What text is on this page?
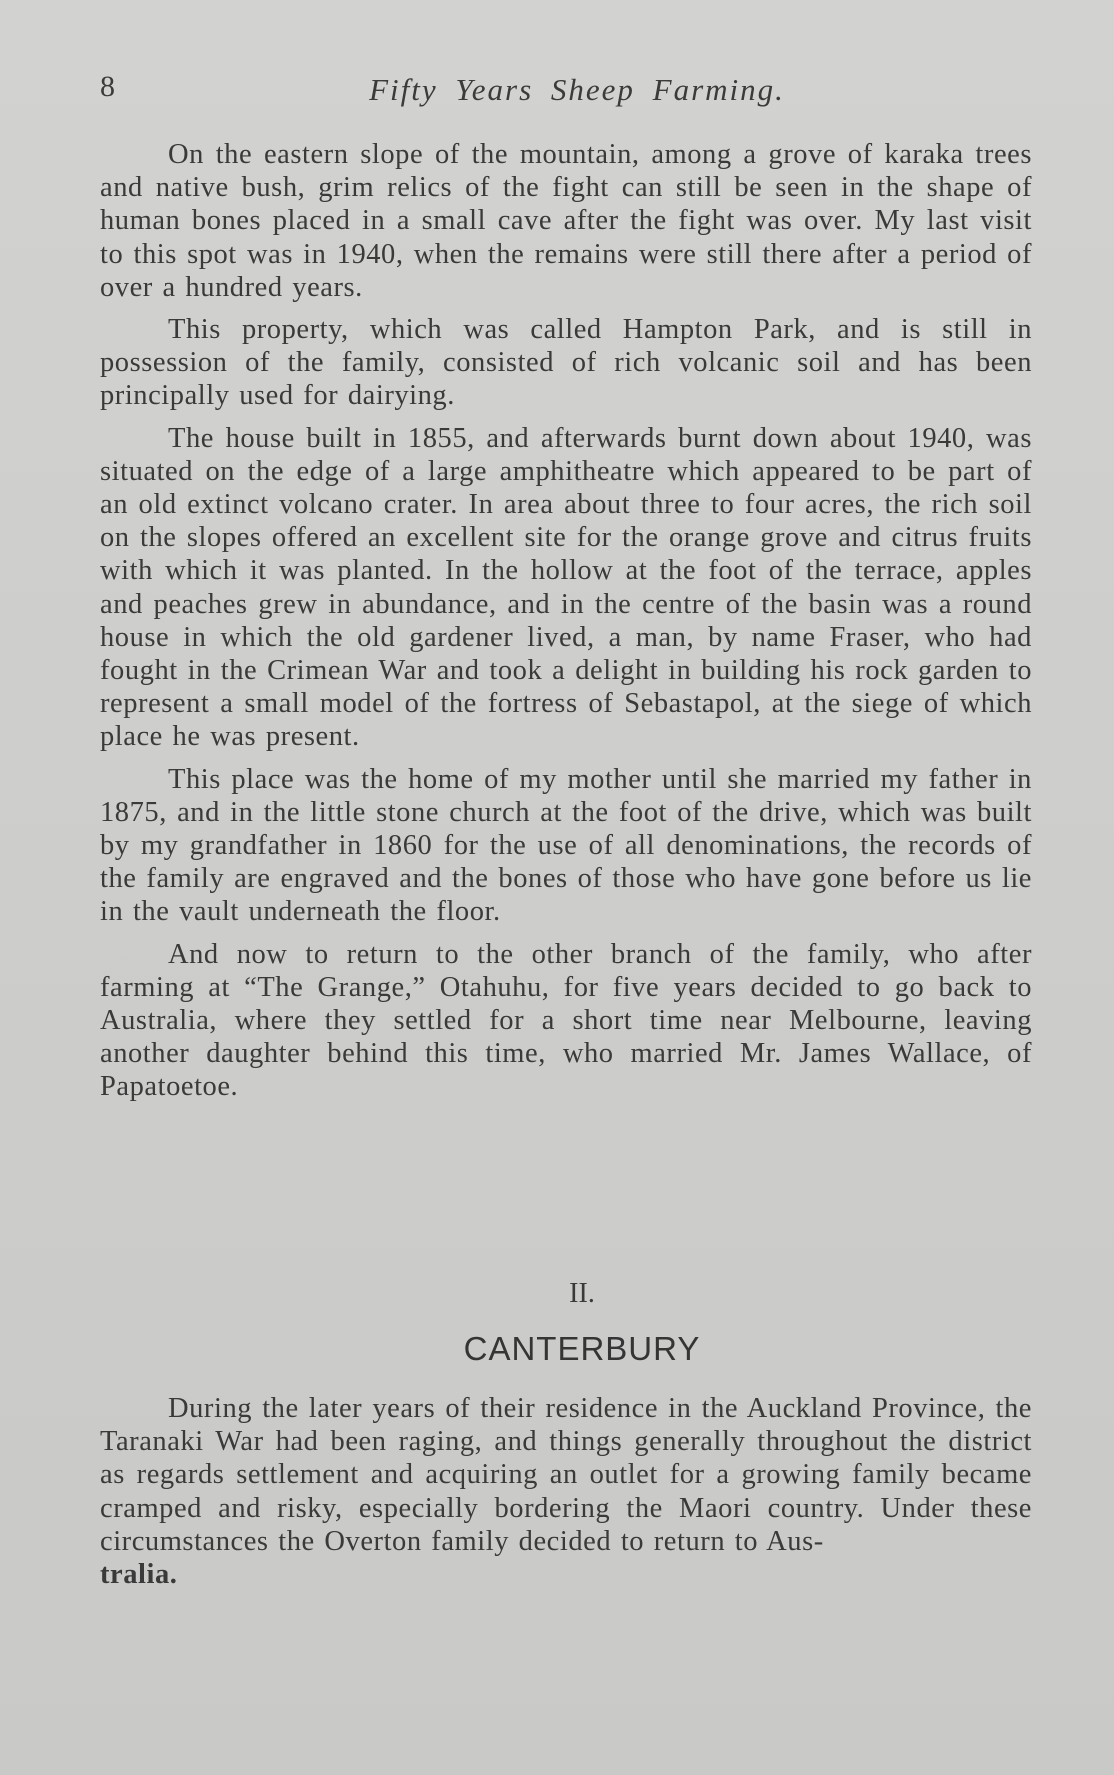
8	Fifty Years Sheep Farming.

On the eastern slope of the mountain, among a grove of karaka trees and native bush, grim relics of the fight can still be seen in the shape of human bones placed in a small cave after the fight was over. My last visit to this spot was in 1940, when the remains were still there after a period of over a hundred years.

This property, which was called Hampton Park, and is still in possession of the family, consisted of rich volcanic soil and has been principally used for dairying.

The house built in 1855, and afterwards burnt down about 1940, was situated on the edge of a large amphitheatre which appeared to be part of an old extinct volcano crater. In area about three to four acres, the rich soil on the slopes offered an excellent site for the orange grove and citrus fruits with which it was planted. In the hollow at the foot of the terrace, apples and peaches grew in abundance, and in the centre of the basin was a round house in which the old gardener lived, a man, by name Fraser, who had fought in the Crimean War and took a delight in building his rock garden to represent a small model of the fortress of Sebastapol, at the siege of which place he was present.

This place was the home of my mother until she married my father in 1875, and in the little stone church at the foot of the drive, which was built by my grandfather in 1860 for the use of all denominations, the records of the family are engraved and the bones of those who have gone before us lie in the vault underneath the floor.

And now to return to the other branch of the family, who after farming at “The Grange,” Otahuhu, for five years decided to go back to Australia, where they settled for a short time near Melbourne, leaving another daughter behind this time, who married Mr. James Wallace, of Papatoetoe.

II.
CANTERBURY

During the later years of their residence in the Auckland Province, the Taranaki War had been raging, and things generally throughout the district as regards settlement and acquiring an outlet for a growing family became cramped and risky, especially bordering the Maori country. Under these circumstances the Overton family decided to return to Aus-
tralia.
